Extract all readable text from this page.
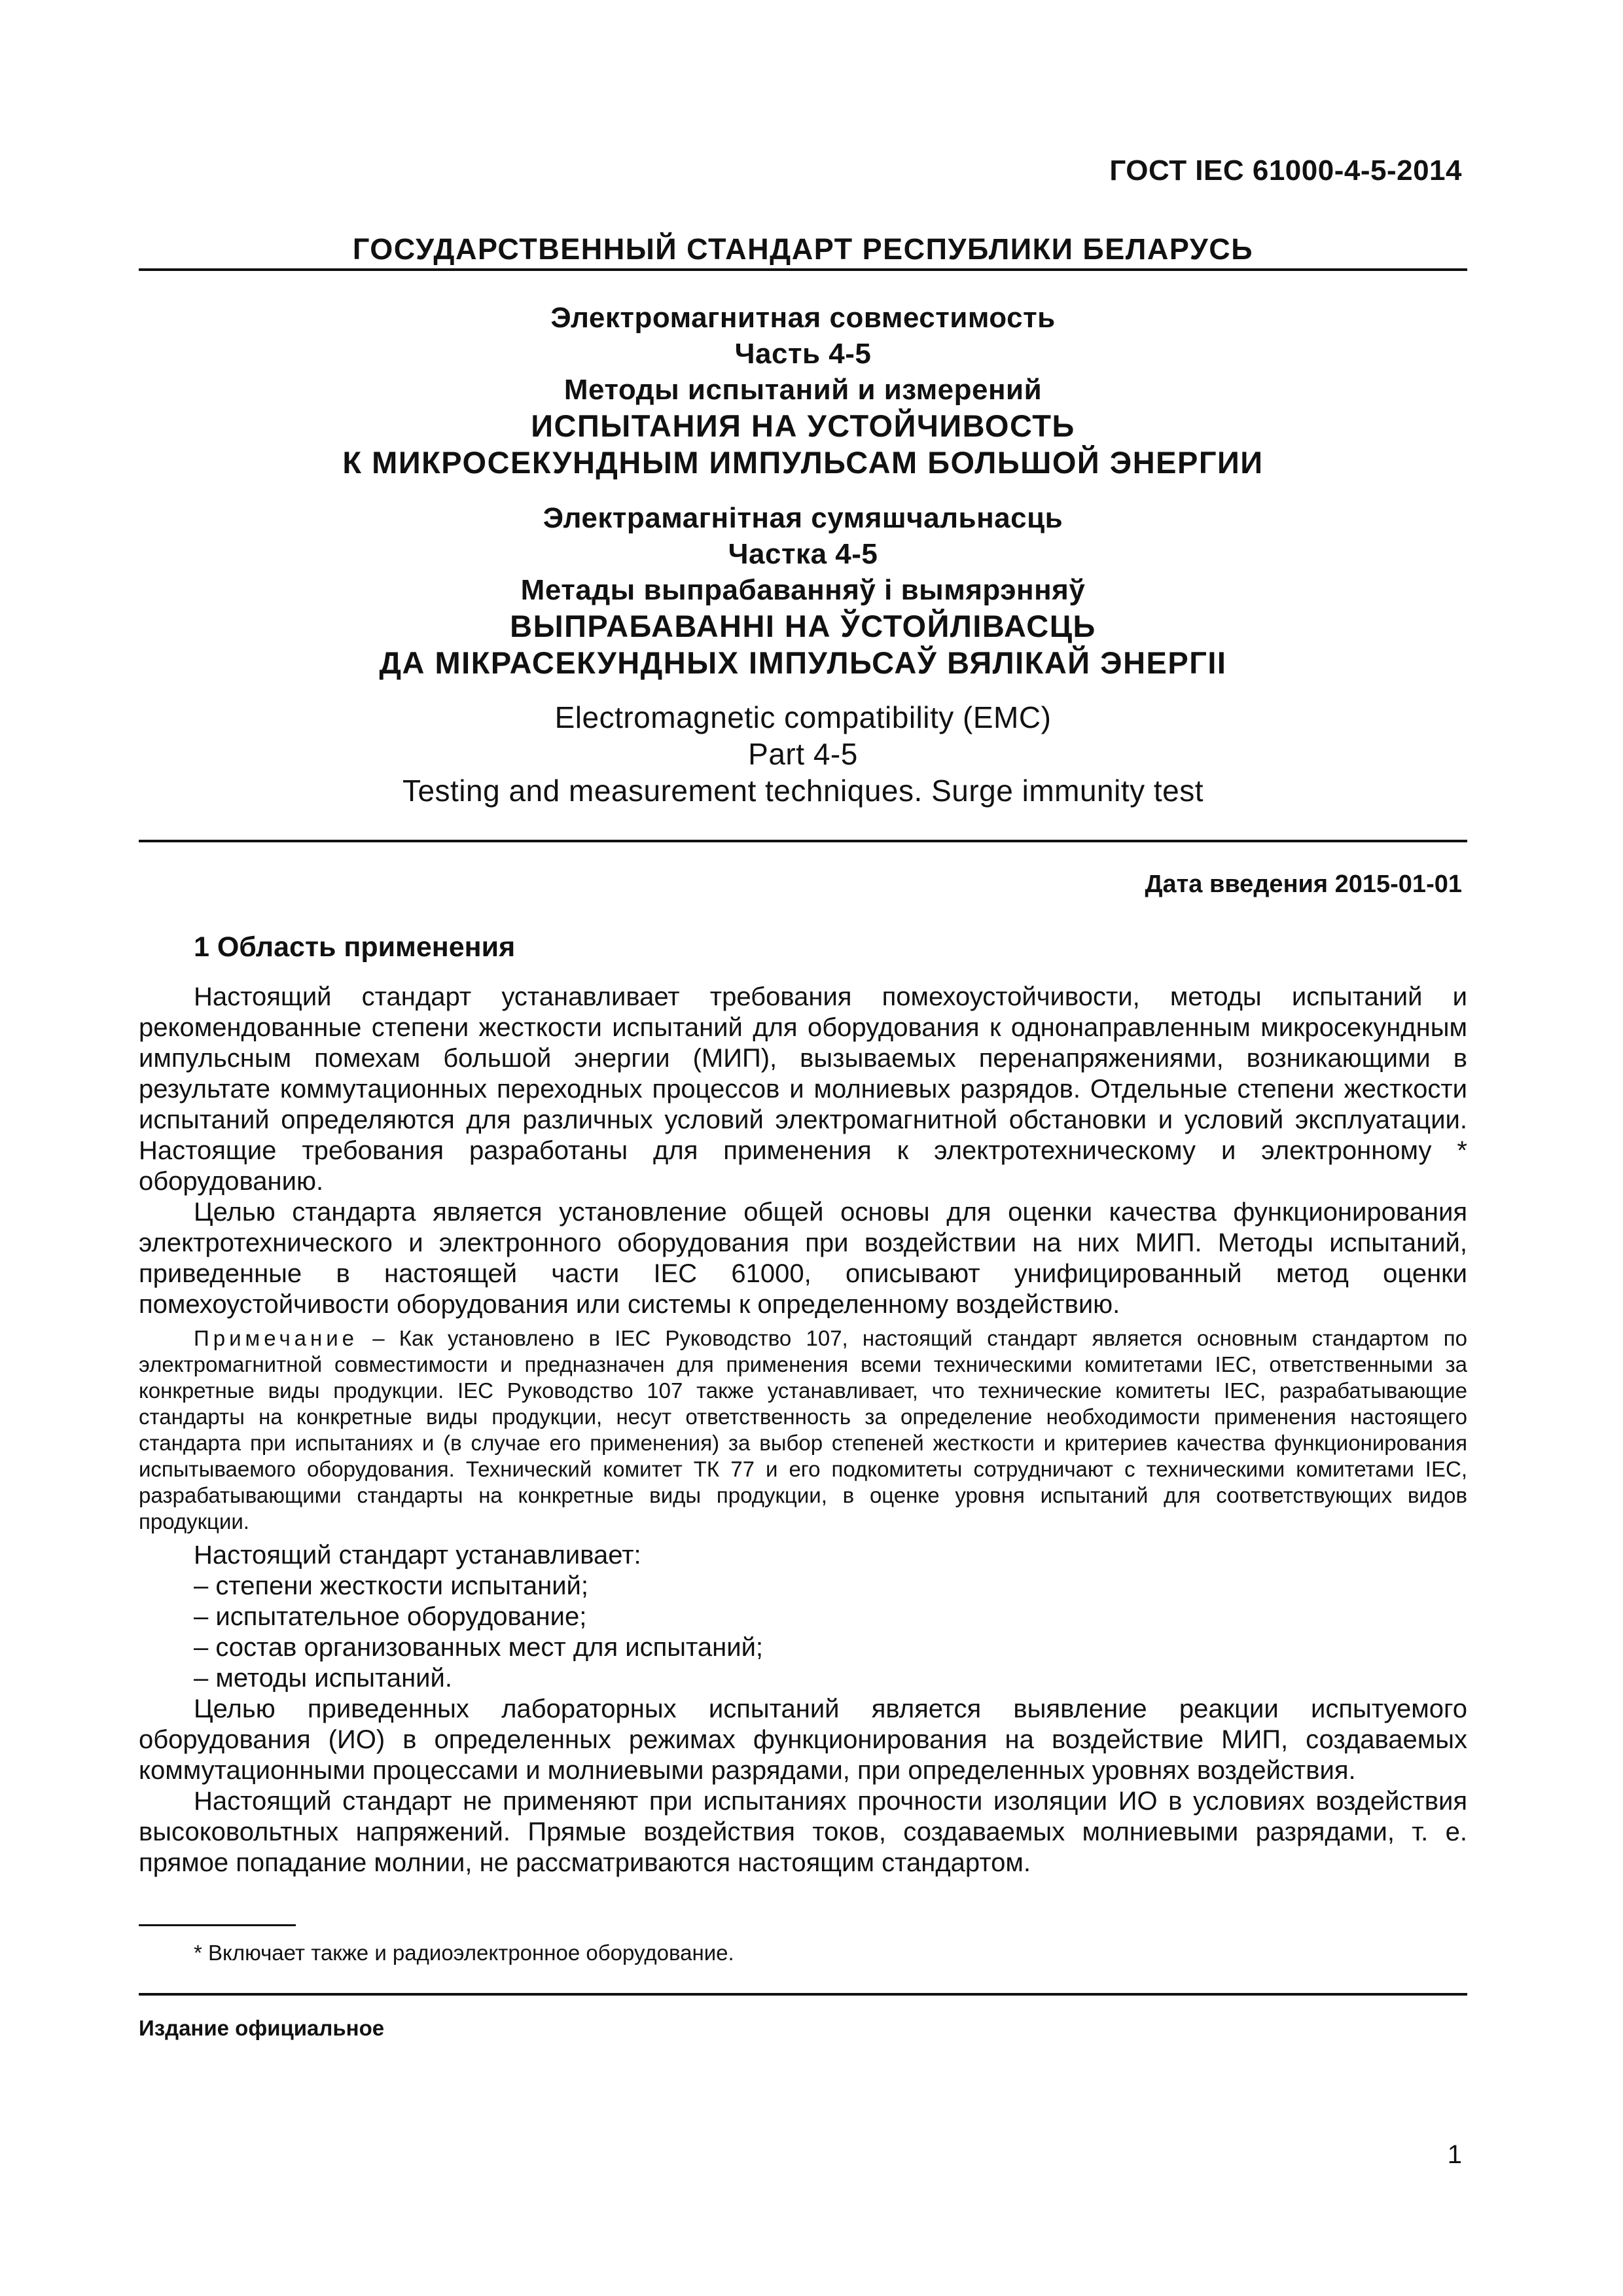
ГОСТ IEC 61000-4-5-2014
ГОСУДАРСТВЕННЫЙ СТАНДАРТ РЕСПУБЛИКИ БЕЛАРУСЬ
Электромагнитная совместимость
Часть 4-5
Методы испытаний и измерений
ИСПЫТАНИЯ НА УСТОЙЧИВОСТЬ
К МИКРОСЕКУНДНЫМ ИМПУЛЬСАМ БОЛЬШОЙ ЭНЕРГИИ
Электрамагнітная сумяшчальнасць
Частка 4-5
Метады выпрабаванняў і вымярэнняў
ВЫПРАБАВАННІ НА ЎСТОЙЛІВАСЦЬ
ДА МІКРАСЕКУНДНЫХ ІМПУЛЬСАЎ ВЯЛІКАЙ ЭНЕРГІІ
Electromagnetic compatibility (EMC)
Part 4-5
Testing and measurement techniques. Surge immunity test
Дата введения 2015-01-01
1 Область применения

Настоящий стандарт устанавливает требования помехоустойчивости, методы испытаний и рекомендованные степени жесткости испытаний для оборудования к однонаправленным микросекундным импульсным помехам большой энергии (МИП), вызываемых перенапряжениями, возникающими в результате коммутационных переходных процессов и молниевых разрядов. Отдельные степени жесткости испытаний определяются для различных условий электромагнитной обстановки и условий эксплуатации. Настоящие требования разработаны для применения к электротехническому и электронному * оборудованию.

Целью стандарта является установление общей основы для оценки качества функционирования электротехнического и электронного оборудования при воздействии на них МИП. Методы испытаний, приведенные в настоящей части IEC 61000, описывают унифицированный метод оценки помехоустойчивости оборудования или системы к определенному воздействию.

Примечание – Как установлено в IEC Руководство 107, настоящий стандарт является основным стандартом по электромагнитной совместимости и предназначен для применения всеми техническими комитетами IEC, ответственными за конкретные виды продукции. IEC Руководство 107 также устанавливает, что технические комитеты IEC, разрабатывающие стандарты на конкретные виды продукции, несут ответственность за определение необходимости применения настоящего стандарта при испытаниях и (в случае его применения) за выбор степеней жесткости и критериев качества функционирования испытываемого оборудования. Технический комитет ТК 77 и его подкомитеты сотрудничают с техническими комитетами IEC, разрабатывающими стандарты на конкретные виды продукции, в оценке уровня испытаний для соответствующих видов продукции.

Настоящий стандарт устанавливает:

– степени жесткости испытаний;
– испытательное оборудование;
– состав организованных мест для испытаний;
– методы испытаний.

Целью приведенных лабораторных испытаний является выявление реакции испытуемого оборудования (ИО) в определенных режимах функционирования на воздействие МИП, создаваемых коммутационными процессами и молниевыми разрядами, при определенных уровнях воздействия.

Настоящий стандарт не применяют при испытаниях прочности изоляции ИО в условиях воздействия высоковольтных напряжений. Прямые воздействия токов, создаваемых молниевыми разрядами, т. е. прямое попадание молнии, не рассматриваются настоящим стандартом.

* Включает также и радиоэлектронное оборудование.
Издание официальное
1
